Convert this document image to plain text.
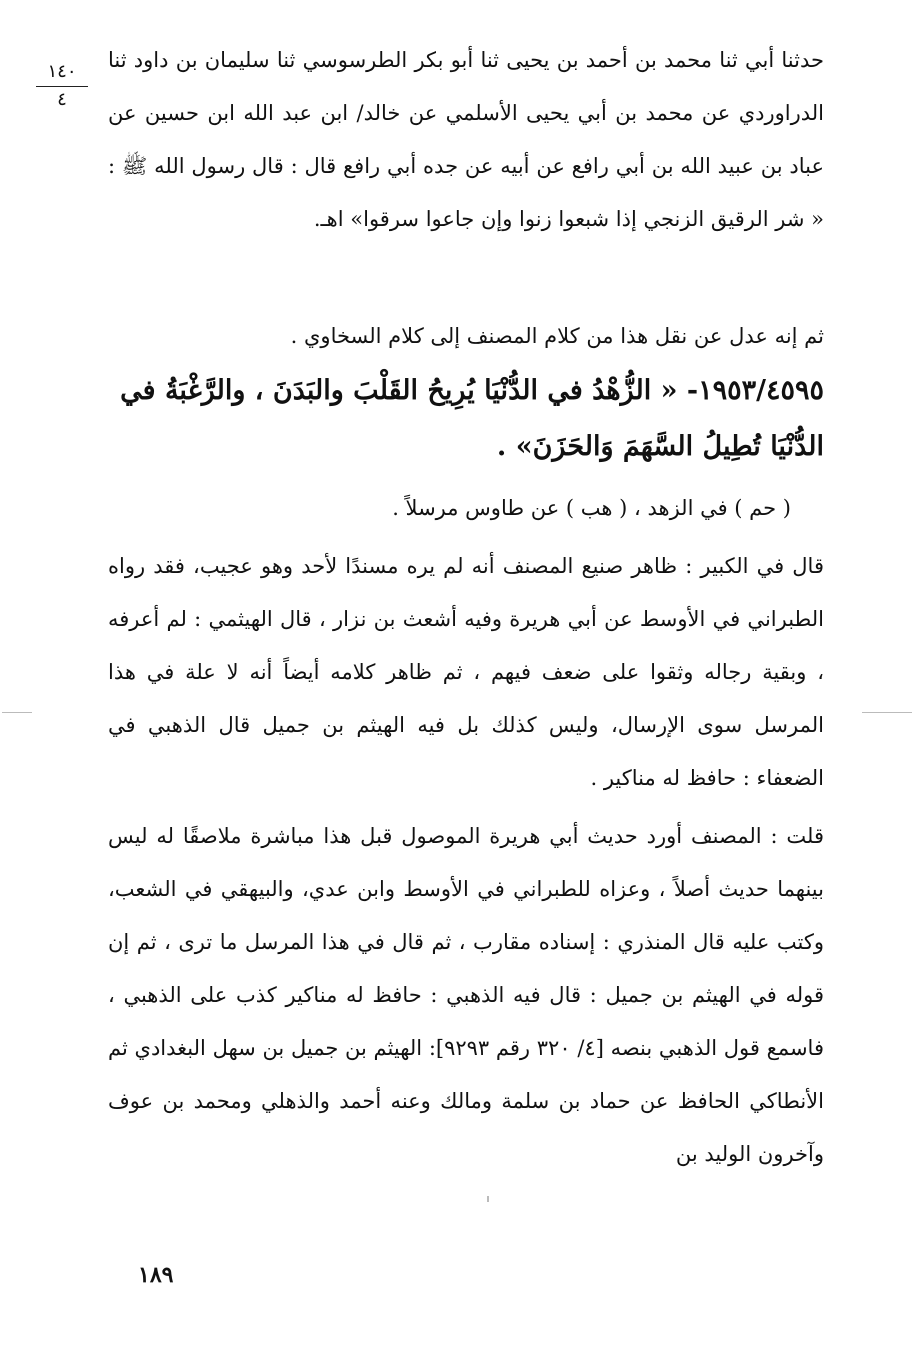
١٤٠
٤

حدثنا أبي ثنا محمد بن أحمد بن يحيى ثنا أبو بكر الطرسوسي ثنا سليمان بن داود ثنا الدراوردي عن محمد بن أبي يحيى الأسلمي عن خالد/ ابن عبد الله ابن حسين عن عباد بن عبيد الله بن أبي رافع عن أبيه عن جده أبي رافع قال : قال رسول الله ﷺ : « شر الرقيق الزنجي إذا شبعوا زنوا وإن جاعوا سرقوا» اهـ.

ثم إنه عدل عن نقل هذا من كلام المصنف إلى كلام السخاوي .

١٩٥٣/٤٥٩٥- « الزُّهْدُ في الدُّنْيَا يُرِيحُ القَلْبَ والبَدَنَ ، والرَّغْبَةُ في الدُّنْيَا تُطِيلُ السَّهَمَ وَالحَزَنَ» .

( حم ) في الزهد ، ( هب ) عن طاوس مرسلاً .

قال في الكبير : ظاهر صنيع المصنف أنه لم يره مسندًا لأحد وهو عجيب، فقد رواه الطبراني في الأوسط عن أبي هريرة وفيه أشعث بن نزار ، قال الهيثمي : لم أعرفه ، وبقية رجاله وثقوا على ضعف فيهم ، ثم ظاهر كلامه أيضاً أنه لا علة في هذا المرسل سوى الإرسال، وليس كذلك بل فيه الهيثم بن جميل قال الذهبي في الضعفاء : حافظ له مناكير .

قلت : المصنف أورد حديث أبي هريرة الموصول قبل هذا مباشرة ملاصقًا له ليس بينهما حديث أصلاً ، وعزاه للطبراني في الأوسط وابن عدي، والبيهقي في الشعب، وكتب عليه قال المنذري : إسناده مقارب ، ثم قال في هذا المرسل ما ترى ، ثم إن قوله في الهيثم بن جميل : قال فيه الذهبي : حافظ له مناكير كذب على الذهبي ، فاسمع قول الذهبي بنصه [٤/ ٣٢٠ رقم ٩٢٩٣]: الهيثم بن جميل بن سهل البغدادي ثم الأنطاكي الحافظ عن حماد بن سلمة ومالك وعنه أحمد والذهلي ومحمد بن عوف وآخرون الوليد بن

١٨٩
